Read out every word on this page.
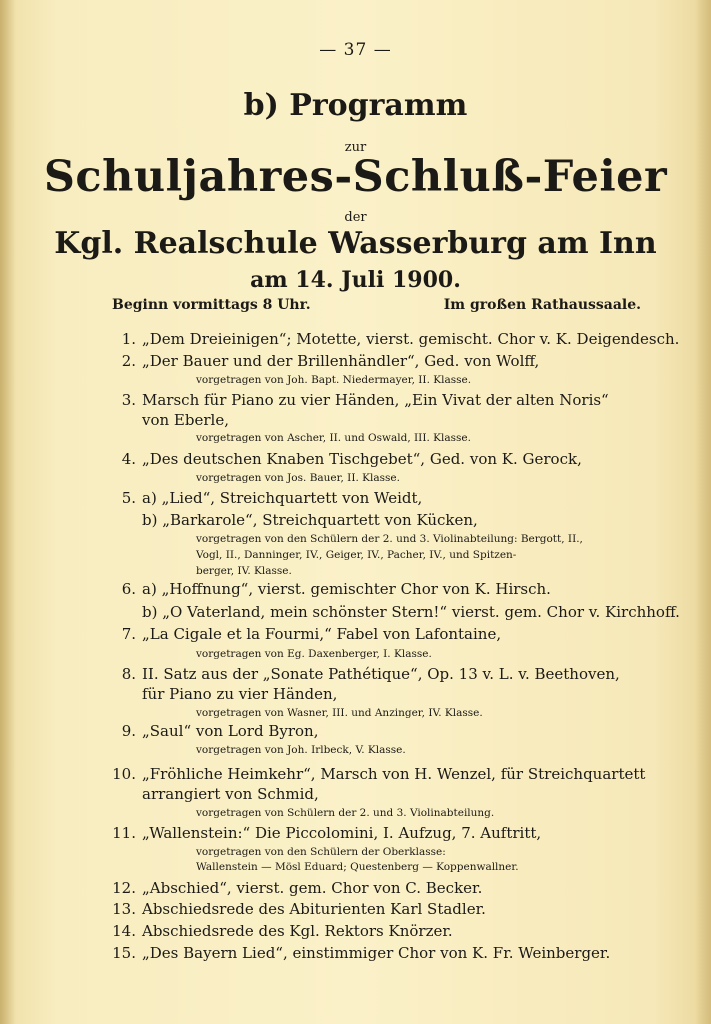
— 37 —
b) Programm
zur
Schuljahres-Schluß-Feier
der
Kgl. Realschule Wasserburg am Inn
am 14. Juli 1900.
Beginn vormittags 8 Uhr.	Im großen Rathaussaale.
1. „Dem Dreieinigen“; Motette, vierst. gemischt. Chor v. K. Deigendesch.
2. „Der Bauer und der Brillenhändler“, Ged. von Wolff,
vorgetragen von Joh. Bapt. Niedermayer, II. Klasse.
3. Marsch für Piano zu vier Händen, „Ein Vivat der alten Noris“
von Eberle,
vorgetragen von Ascher, II. und Oswald, III. Klasse.
4. „Des deutschen Knaben Tischgebet“, Ged. von K. Gerock,
vorgetragen von Jos. Bauer, II. Klasse.
5. a) „Lied“, Streichquartett von Weidt,
b) „Barkarole“, Streichquartett von Kücken,
vorgetragen von den Schülern der 2. und 3. Violinabteilung: Bergott, II.,
Vogl, II., Danninger, IV., Geiger, IV., Pacher, IV., und Spitzen-
berger, IV. Klasse.
6. a) „Hoffnung“, vierst. gemischter Chor von K. Hirsch.
b) „O Vaterland, mein schönster Stern!“ vierst. gem. Chor v. Kirchhoff.
7. „La Cigale et la Fourmi,“ Fabel von Lafontaine,
vorgetragen von Eg. Daxenberger, I. Klasse.
8. II. Satz aus der „Sonate Pathétique“, Op. 13 v. L. v. Beethoven,
für Piano zu vier Händen,
vorgetragen von Wasner, III. und Anzinger, IV. Klasse.
9. „Saul“ von Lord Byron,
vorgetragen von Joh. Irlbeck, V. Klasse.
10. „Fröhliche Heimkehr“, Marsch von H. Wenzel, für Streichquartett
arrangiert von Schmid,
vorgetragen von Schülern der 2. und 3. Violinabteilung.
11. „Wallenstein:“ Die Piccolomini, I. Aufzug, 7. Auftritt,
vorgetragen von den Schülern der Oberklasse:
Wallenstein — Mösl Eduard; Questenberg — Koppenwallner.
12. „Abschied“, vierst. gem. Chor von C. Becker.
13. Abschiedsrede des Abiturienten Karl Stadler.
14. Abschiedsrede des Kgl. Rektors Knörzer.
15. „Des Bayern Lied“, einstimmiger Chor von K. Fr. Weinberger.
